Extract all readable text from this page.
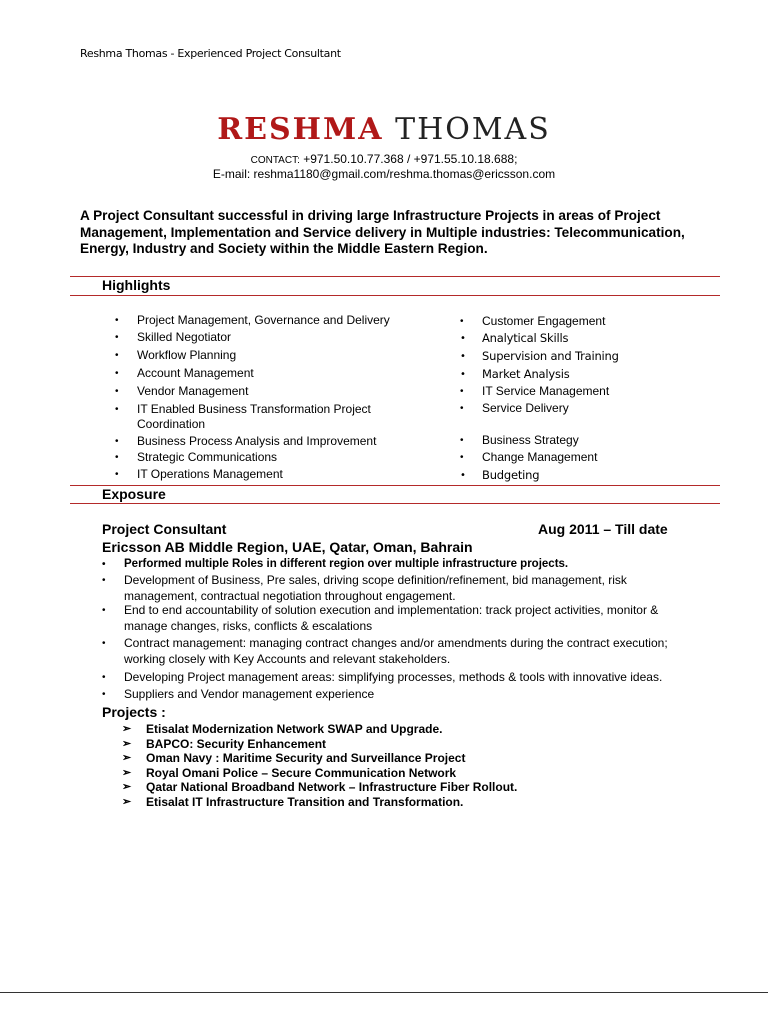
Reshma Thomas - Experienced Project Consultant
RESHMA THOMAS
CONTACT: +971.50.10.77.368 / +971.55.10.18.688;
E-mail: reshma1180@gmail.com/reshma.thomas@ericsson.com
A Project Consultant successful in driving large Infrastructure Projects in areas of Project
Management, Implementation and Service delivery in Multiple industries: Telecommunication,
Energy, Industry and Society within the Middle Eastern Region.
Highlights
• Project Management, Governance and Delivery
• Skilled Negotiator
• Workflow Planning
• Account Management
• Vendor Management
• IT Enabled Business Transformation Project
Coordination
• Business Process Analysis and Improvement
• Strategic Communications
• IT Operations Management
• Customer Engagement
• Analytical Skills
• Supervision and Training
• Market Analysis
• IT Service Management
• Service Delivery
• Business Strategy
• Change Management
• Budgeting
Exposure
Project Consultant	Aug 2011 – Till date
Ericsson AB Middle Region, UAE, Qatar, Oman, Bahrain
• Performed multiple Roles in different region over multiple infrastructure projects.
• Development of Business, Pre sales, driving scope definition/refinement, bid management, risk
management, contractual negotiation throughout engagement.
• End to end accountability of solution execution and implementation: track project activities, monitor &
manage changes, risks, conflicts & escalations
• Contract management: managing contract changes and/or amendments during the contract execution;
working closely with Key Accounts and relevant stakeholders.
• Developing Project management areas: simplifying processes, methods & tools with innovative ideas.
• Suppliers and Vendor management experience
Projects :
➢ Etisalat Modernization Network SWAP and Upgrade.
➢ BAPCO: Security Enhancement
➢ Oman Navy : Maritime Security and Surveillance Project
➢ Royal Omani Police – Secure Communication Network
➢ Qatar National Broadband Network – Infrastructure Fiber Rollout.
➢ Etisalat IT Infrastructure Transition and Transformation.
